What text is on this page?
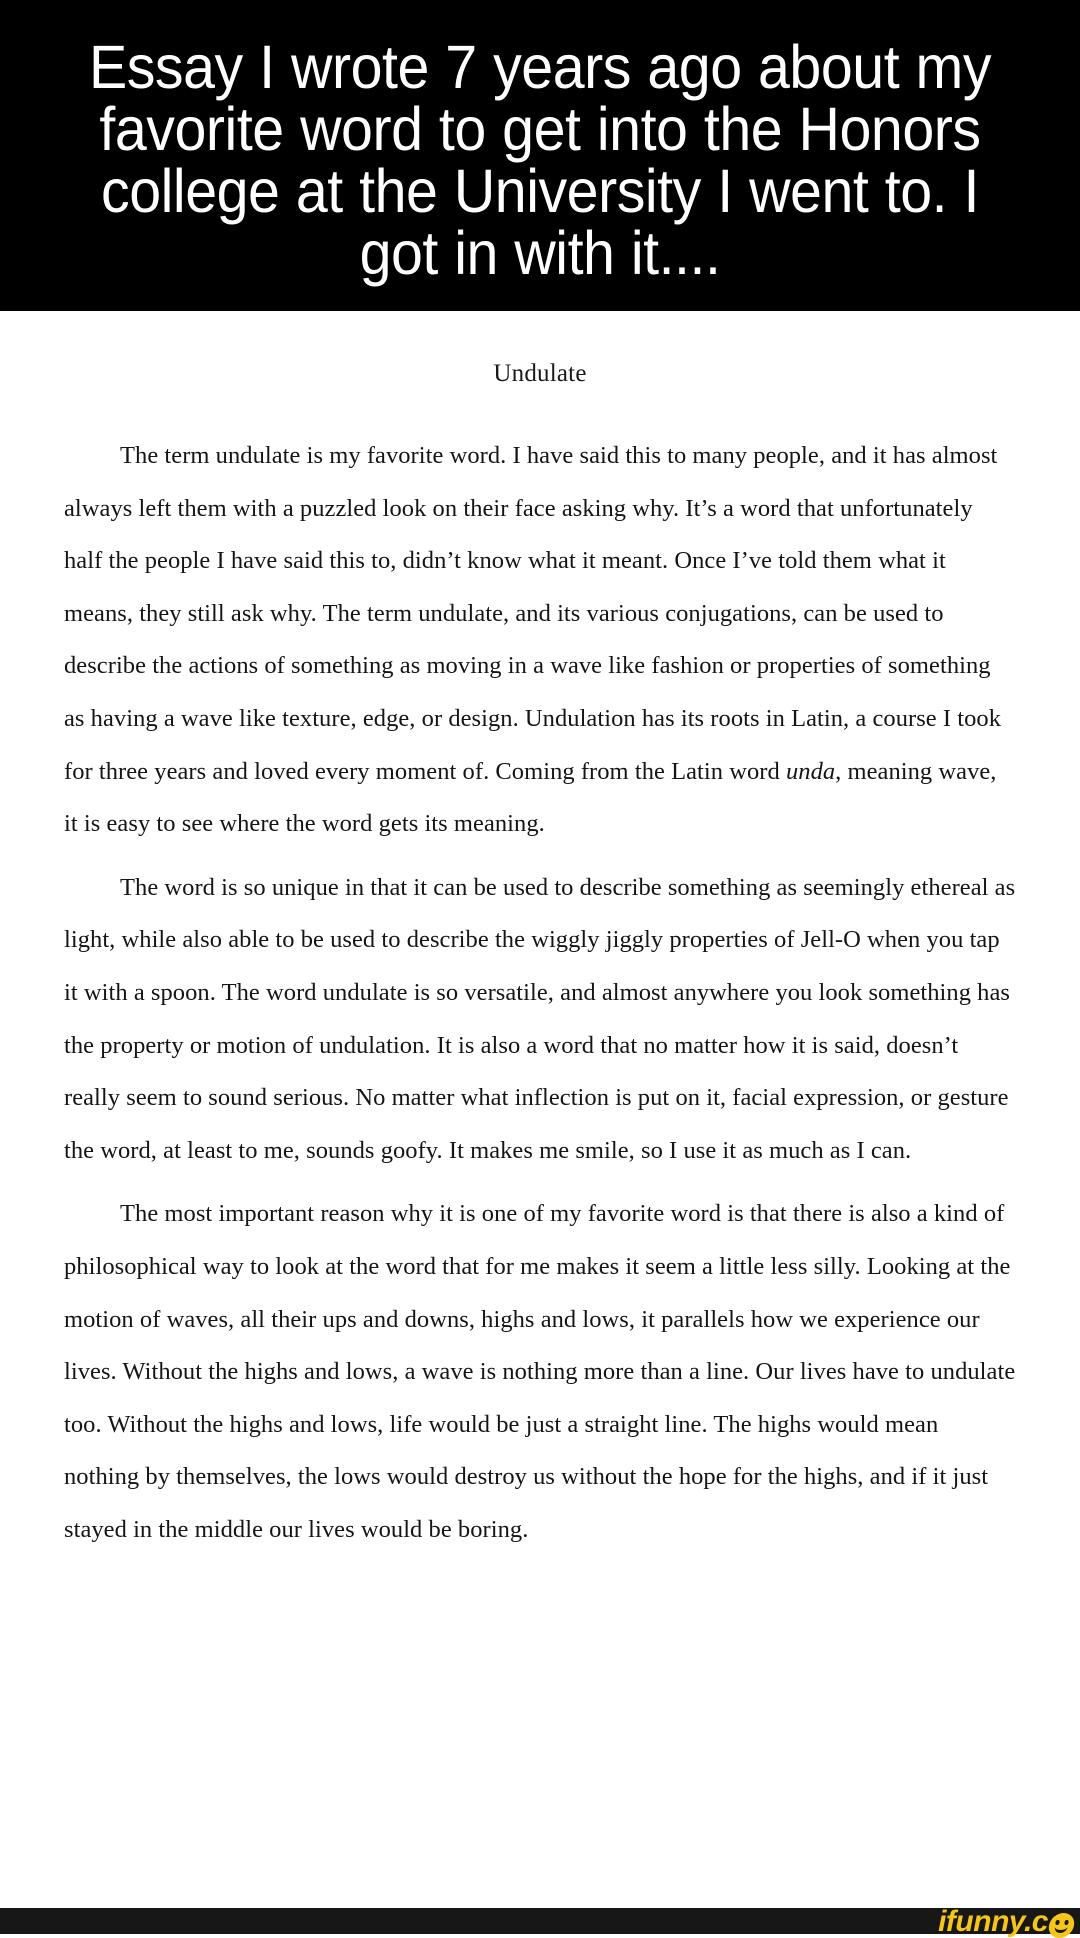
Essay I wrote 7 years ago about my favorite word to get into the Honors college at the University I went to. I got in with it....
Undulate

The term undulate is my favorite word. I have said this to many people, and it has almost always left them with a puzzled look on their face asking why. It’s a word that unfortunately half the people I have said this to, didn’t know what it meant. Once I’ve told them what it means, they still ask why. The term undulate, and its various conjugations, can be used to describe the actions of something as moving in a wave like fashion or properties of something as having a wave like texture, edge, or design. Undulation has its roots in Latin, a course I took for three years and loved every moment of. Coming from the Latin word unda, meaning wave, it is easy to see where the word gets its meaning.

The word is so unique in that it can be used to describe something as seemingly ethereal as light, while also able to be used to describe the wiggly jiggly properties of Jell-O when you tap it with a spoon. The word undulate is so versatile, and almost anywhere you look something has the property or motion of undulation. It is also a word that no matter how it is said, doesn’t really seem to sound serious. No matter what inflection is put on it, facial expression, or gesture the word, at least to me, sounds goofy. It makes me smile, so I use it as much as I can.

The most important reason why it is one of my favorite word is that there is also a kind of philosophical way to look at the word that for me makes it seem a little less silly. Looking at the motion of waves, all their ups and downs, highs and lows, it parallels how we experience our lives. Without the highs and lows, a wave is nothing more than a line. Our lives have to undulate too. Without the highs and lows, life would be just a straight line. The highs would mean nothing by themselves, the lows would destroy us without the hope for the highs, and if it just stayed in the middle our lives would be boring.

ifunny.c
